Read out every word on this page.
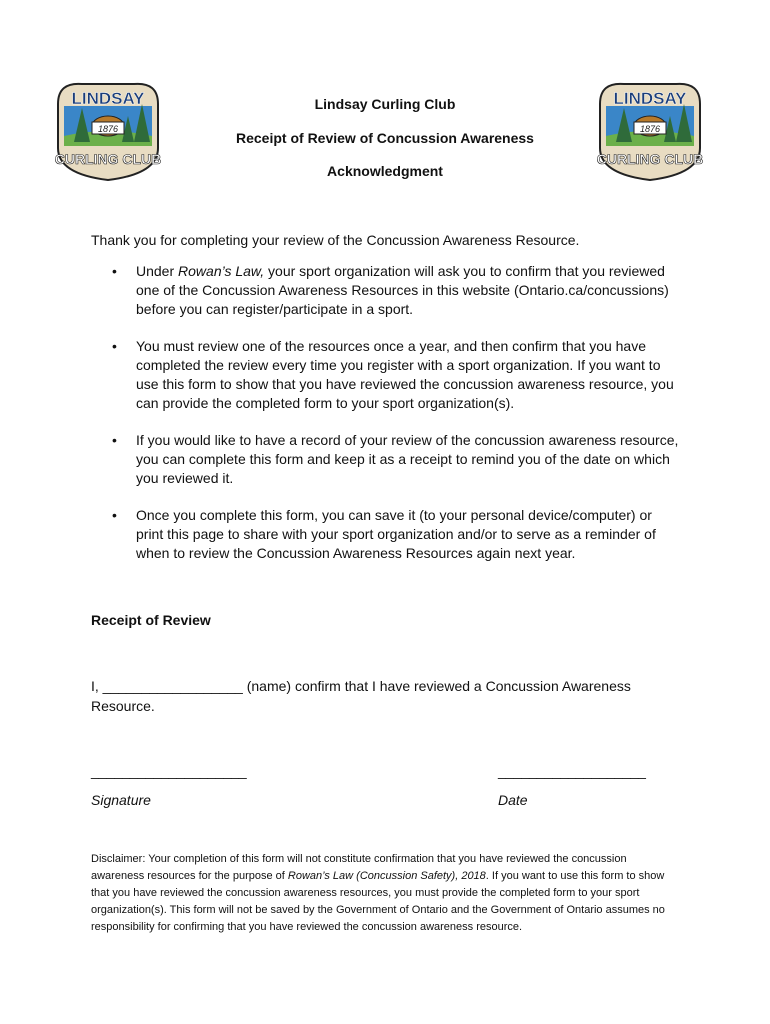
1876
LINDSAY
CURLING CLUB
1876
LINDSAY
CURLING CLUB
Lindsay Curling Club
Receipt of Review of Concussion Awareness
Acknowledgment
Thank you for completing your review of the Concussion Awareness Resource.
• Under Rowan’s Law, your sport organization will ask you to confirm that you reviewed one of the Concussion Awareness Resources in this website (Ontario.ca/concussions) before you can register/participate in a sport.
• You must review one of the resources once a year, and then confirm that you have completed the review every time you register with a sport organization. If you want to use this form to show that you have reviewed the concussion awareness resource, you can provide the completed form to your sport organization(s).
• If you would like to have a record of your review of the concussion awareness resource, you can complete this form and keep it as a receipt to remind you of the date on which you reviewed it.
• Once you complete this form, you can save it (to your personal device/computer) or print this page to share with your sport organization and/or to serve as a reminder of when to review the Concussion Awareness Resources again next year.
Receipt of Review
I, __________________ (name) confirm that I have reviewed a Concussion Awareness Resource.
____________________	___________________
Signature	Date
Disclaimer: Your completion of this form will not constitute confirmation that you have reviewed the concussion awareness resources for the purpose of Rowan’s Law (Concussion Safety), 2018. If you want to use this form to show that you have reviewed the concussion awareness resources, you must provide the completed form to your sport organization(s). This form will not be saved by the Government of Ontario and the Government of Ontario assumes no responsibility for confirming that you have reviewed the concussion awareness resource.
